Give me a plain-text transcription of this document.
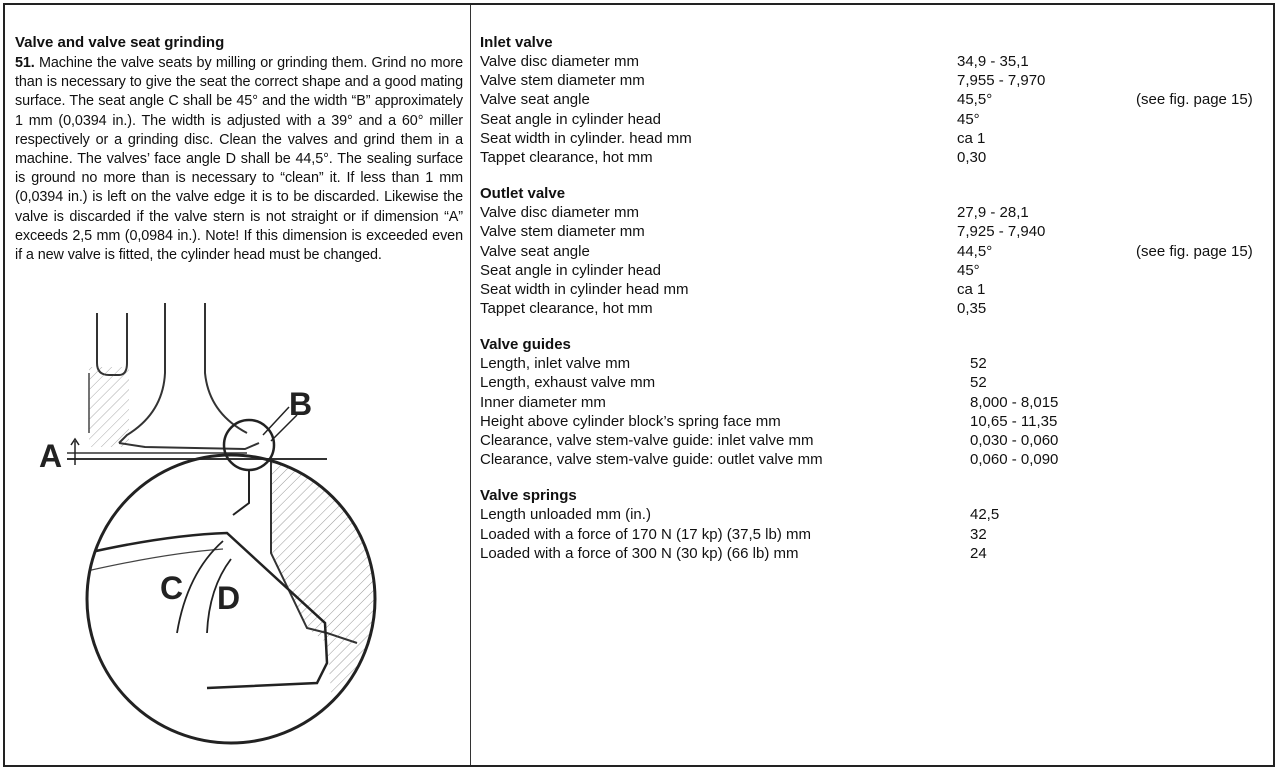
Valve and valve seat grinding

51. Machine the valve seats by milling or grinding them. Grind no more than is necessary to give the seat the correct shape and a good mating surface. The seat angle C shall be 45° and the width “B” approximately 1 mm (0,0394 in.). The width is adjusted with a 39° and a 60° miller respectively or a grinding disc. Clean the valves and grind them in a machine. The valves’ face angle D shall be 44,5°. The sealing surface is ground no more than is necessary to “clean” it. If less than 1 mm (0,0394 in.) is left on the valve edge it is to be discarded. Likewise the valve is discarded if the valve stern is not straight or if dimension “A” exceeds 2,5 mm (0,0984 in.). Note! If this dimension is exceeded even if a new valve is fitted, the cylinder head must be changed.

B
A
C D
Inlet valve
Valve disc diameter mm	34,9 - 35,1
Valve stem diameter mm	7,955 - 7,970
Valve seat angle	45,5°	(see fig. page 15)
Seat angle in cylinder head	45°
Seat width in cylinder. head mm	ca 1
Tappet clearance, hot mm	0,30
Outlet valve
Valve disc diameter mm	27,9 - 28,1
Valve stem diameter mm	7,925 - 7,940
Valve seat angle	44,5°	(see fig. page 15)
Seat angle in cylinder head	45°
Seat width in cylinder head mm	ca 1
Tappet clearance, hot mm	0,35
Valve guides
Length, inlet valve mm	52
Length, exhaust valve mm	52
Inner diameter mm	8,000 - 8,015
Height above cylinder block’s spring face mm	10,65 - 11,35
Clearance, valve stem-valve guide: inlet valve mm	0,030 - 0,060
Clearance, valve stem-valve guide: outlet valve mm	0,060 - 0,090
Valve springs
Length unloaded mm (in.)	42,5
Loaded with a force of 170 N (17 kp) (37,5 lb) mm	32
Loaded with a force of 300 N (30 kp) (66 lb) mm	24
